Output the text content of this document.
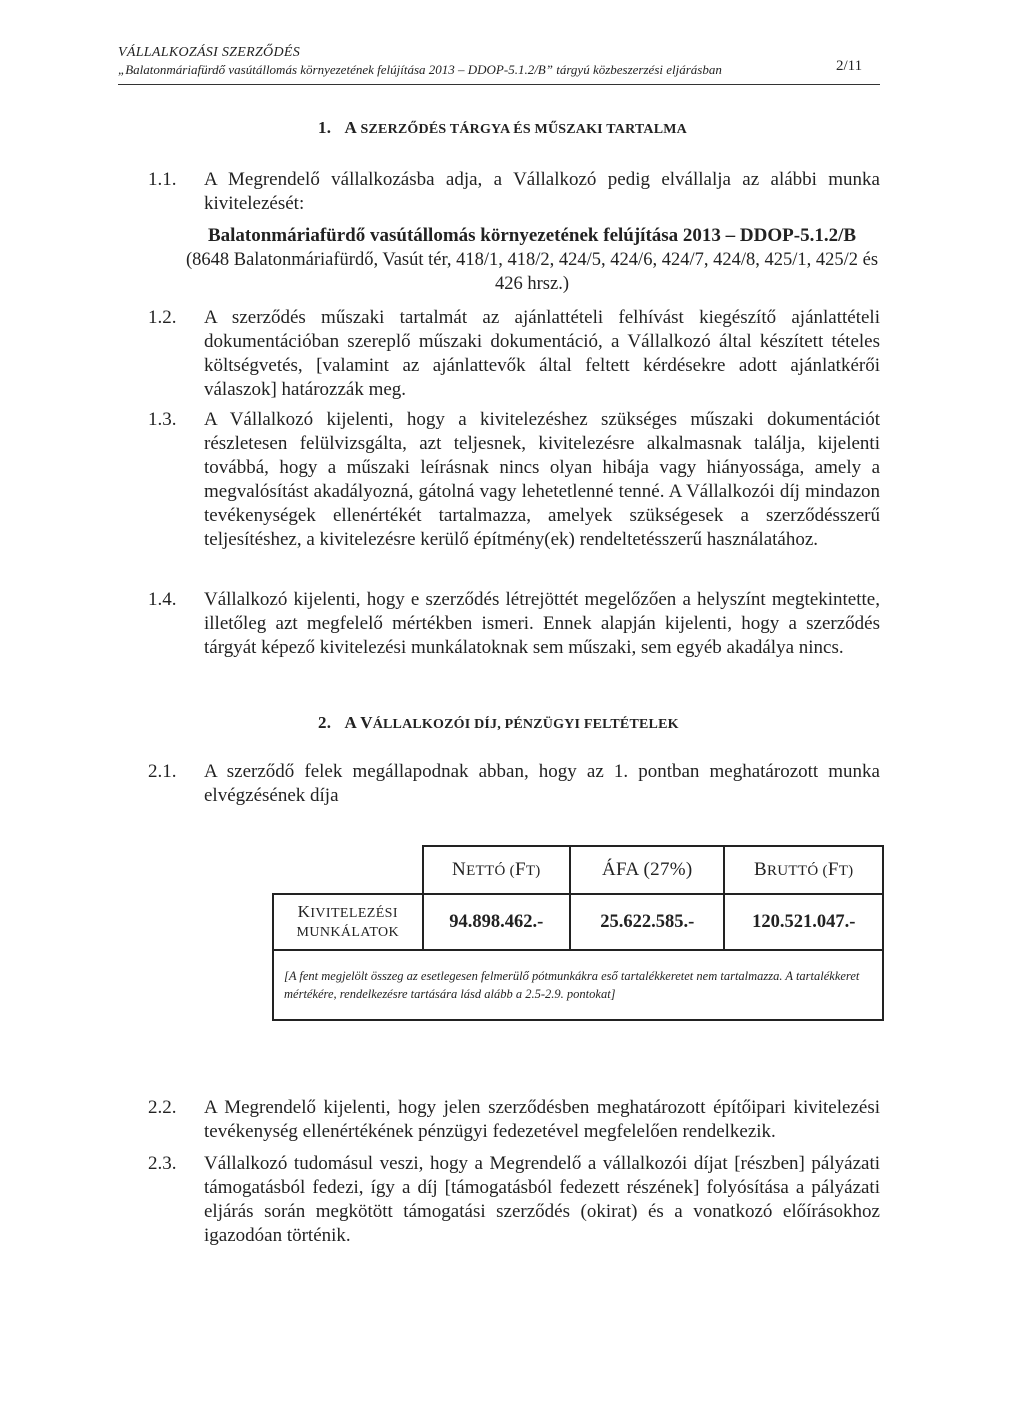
VÁLLALKOZÁSI SZERZŐDÉS
„Balatonmáriafürdő vasútállomás környezetének felújítása 2013 – DDOP-5.1.2/B” tárgyú közbeszerzési eljárásban	2/11
1. A SZERZŐDÉS TÁRGYA ÉS MŰSZAKI TARTALMA
1.1. A Megrendelő vállalkozásba adja, a Vállalkozó pedig elvállalja az alábbi munka kivitelezését:
Balatonmáriafürdő vasútállomás környezetének felújítása 2013 – DDOP-5.1.2/B
(8648 Balatonmáriafürdő, Vasút tér, 418/1, 418/2, 424/5, 424/6, 424/7, 424/8, 425/1, 425/2 és 426 hrsz.)
1.2. A szerződés műszaki tartalmát az ajánlattételi felhívást kiegészítő ajánlattételi dokumentációban szereplő műszaki dokumentáció, a Vállalkozó által készített tételes költségvetés, [valamint az ajánlattevők által feltett kérdésekre adott ajánlatkérői válaszok] határozzák meg.
1.3. A Vállalkozó kijelenti, hogy a kivitelezéshez szükséges műszaki dokumentációt részletesen felülvizsgálta, azt teljesnek, kivitelezésre alkalmasnak találja, kijelenti továbbá, hogy a műszaki leírásnak nincs olyan hibája vagy hiányossága, amely a megvalósítást akadályozná, gátolná vagy lehetetlenné tenné. A Vállalkozói díj mindazon tevékenységek ellenértékét tartalmazza, amelyek szükségesek a szerződésszerű teljesítéshez, a kivitelezésre kerülő építmény(ek) rendeltetésszerű használatához.
1.4. Vállalkozó kijelenti, hogy e szerződés létrejöttét megelőzően a helyszínt megtekintette, illetőleg azt megfelelő mértékben ismeri. Ennek alapján kijelenti, hogy a szerződés tárgyát képező kivitelezési munkálatoknak sem műszaki, sem egyéb akadálya nincs.
2. A VÁLLALKOZÓI DÍJ, PÉNZÜGYI FELTÉTELEK
2.1. A szerződő felek megállapodnak abban, hogy az 1. pontban meghatározott munka elvégzésének díja
	NETTÓ (FT)	ÁFA (27%)	BRUTTÓ (FT)
KIVITELEZÉSI
MUNKÁLATOK	94.898.462.-	25.622.585.-	120.521.047.-
[A fent megjelölt összeg az esetlegesen felmerülő pótmunkákra eső tartalékkeretet nem tartalmazza. A tartalékkeret mértékére, rendelkezésre tartására lásd alább a 2.5-2.9. pontokat]			
2.2. A Megrendelő kijelenti, hogy jelen szerződésben meghatározott építőipari kivitelezési tevékenység ellenértékének pénzügyi fedezetével megfelelően rendelkezik.
2.3. Vállalkozó tudomásul veszi, hogy a Megrendelő a vállalkozói díjat [részben] pályázati támogatásból fedezi, így a díj [támogatásból fedezett részének] folyósítása a pályázati eljárás során megkötött támogatási szerződés (okirat) és a vonatkozó előírásokhoz igazodóan történik.
